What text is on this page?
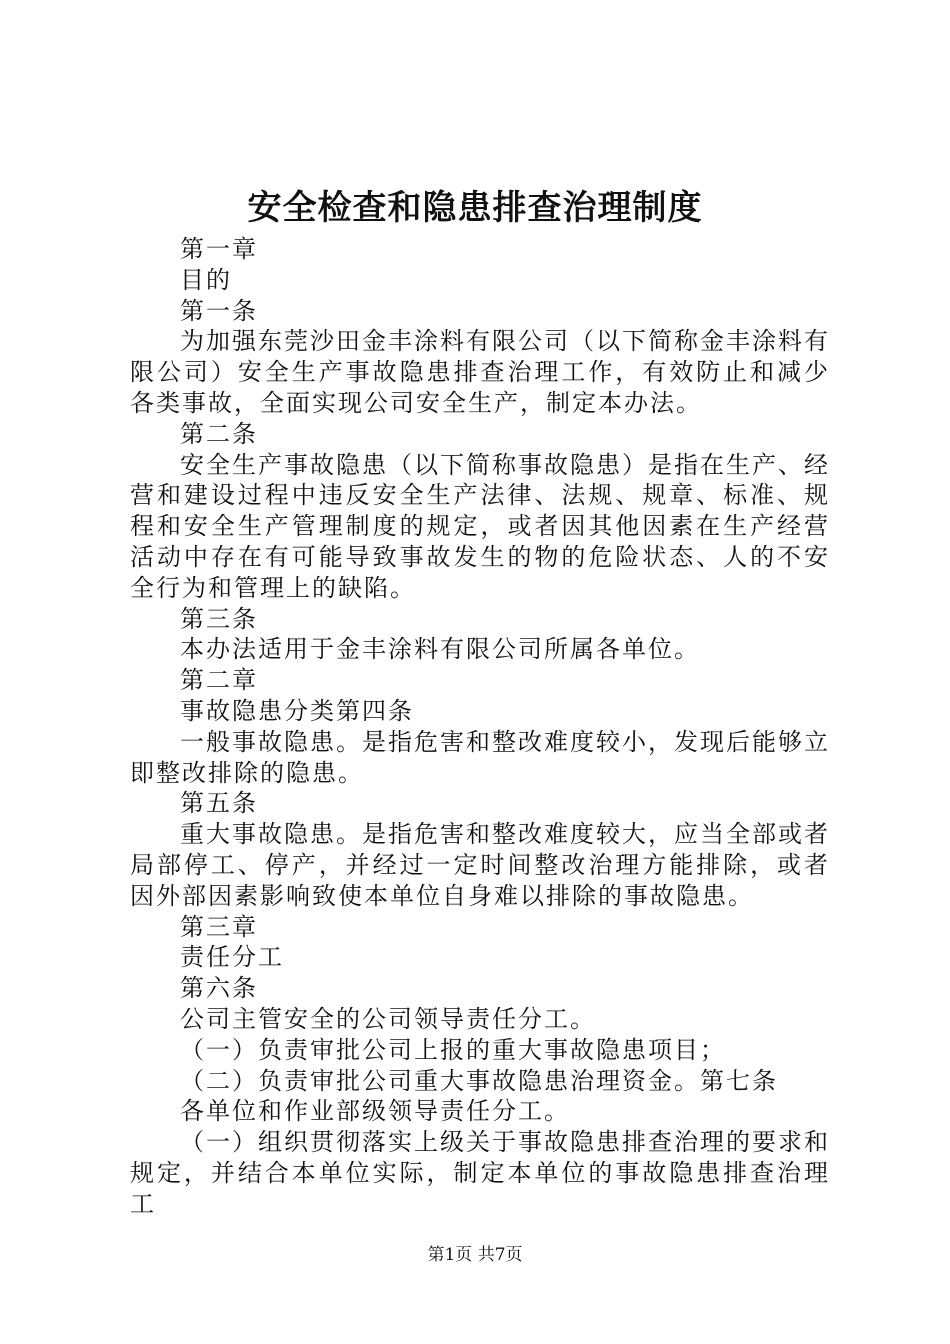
安全检查和隐患排查治理制度

第一章

目的

第一条

为加强东莞沙田金丰涂料有限公司（以下简称金丰涂料有限公司）安全生产事故隐患排查治理工作，有效防止和减少各类事故，全面实现公司安全生产，制定本办法。

第二条

安全生产事故隐患（以下简称事故隐患）是指在生产、经营和建设过程中违反安全生产法律、法规、规章、标准、规程和安全生产管理制度的规定，或者因其他因素在生产经营活动中存在有可能导致事故发生的物的危险状态、人的不安全行为和管理上的缺陷。

第三条

本办法适用于金丰涂料有限公司所属各单位。

第二章

事故隐患分类第四条

一般事故隐患。是指危害和整改难度较小，发现后能够立即整改排除的隐患。

第五条

重大事故隐患。是指危害和整改难度较大，应当全部或者局部停工、停产，并经过一定时间整改治理方能排除，或者因外部因素影响致使本单位自身难以排除的事故隐患。

第三章

责任分工

第六条

公司主管安全的公司领导责任分工。

（一）负责审批公司上报的重大事故隐患项目；

（二）负责审批公司重大事故隐患治理资金。第七条

各单位和作业部级领导责任分工。

（一）组织贯彻落实上级关于事故隐患排查治理的要求和规定，并结合本单位实际，制定本单位的事故隐患排查治理工

第1页 共7页
